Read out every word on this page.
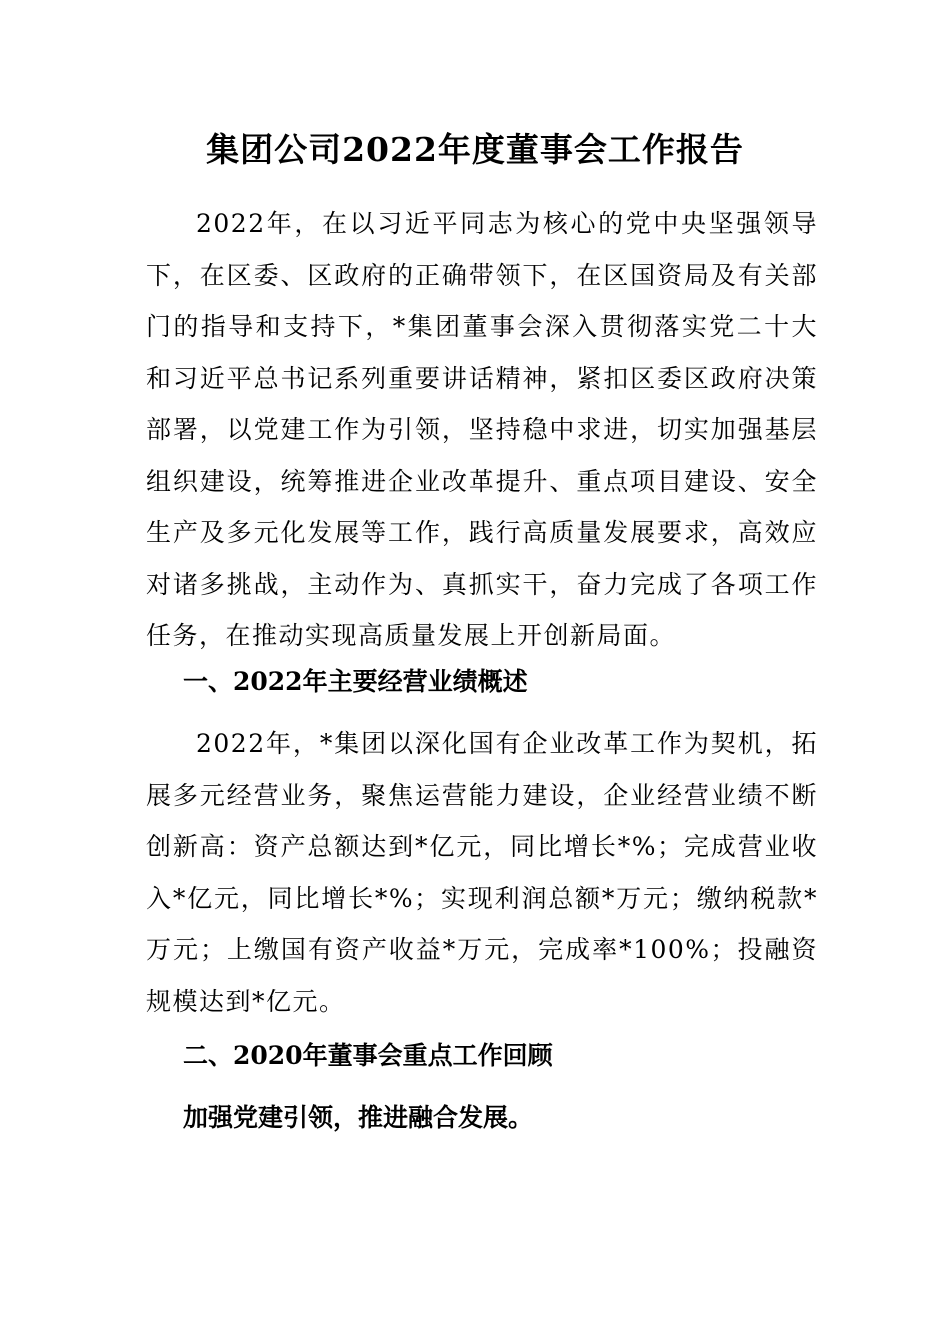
集团公司2022年度董事会工作报告

2022年，在以习近平同志为核心的党中央坚强领导下，在区委、区政府的正确带领下，在区国资局及有关部门的指导和支持下，*集团董事会深入贯彻落实党二十大和习近平总书记系列重要讲话精神，紧扣区委区政府决策部署，以党建工作为引领，坚持稳中求进，切实加强基层组织建设，统筹推进企业改革提升、重点项目建设、安全生产及多元化发展等工作，践行高质量发展要求，高效应对诸多挑战，主动作为、真抓实干，奋力完成了各项工作任务，在推动实现高质量发展上开创新局面。

一、2022年主要经营业绩概述

2022年，*集团以深化国有企业改革工作为契机，拓展多元经营业务，聚焦运营能力建设，企业经营业绩不断创新高：资产总额达到*亿元，同比增长*%；完成营业收入*亿元，同比增长*%；实现利润总额*万元；缴纳税款*万元；上缴国有资产收益*万元，完成率*100%；投融资规模达到*亿元。

二、2020年董事会重点工作回顾
加强党建引领，推进融合发展。
